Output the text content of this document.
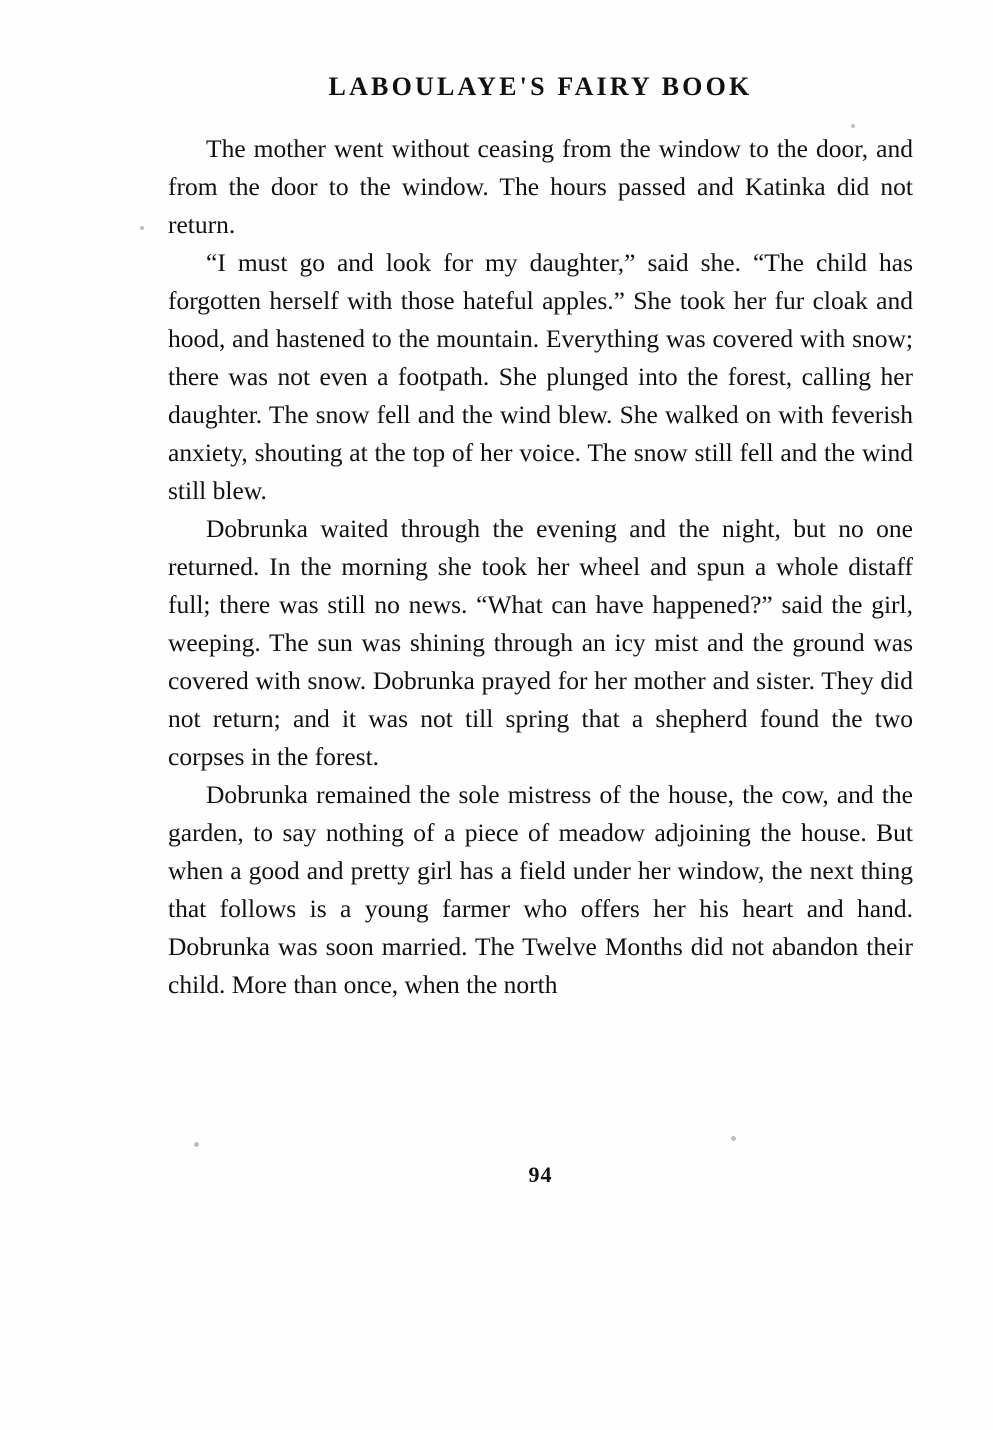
LABOULAYE'S FAIRY BOOK

The mother went without ceasing from the window to the door, and from the door to the window. The hours passed and Katinka did not return.

“I must go and look for my daughter,” said she. “The child has forgotten herself with those hateful apples.” She took her fur cloak and hood, and hastened to the mountain. Everything was covered with snow; there was not even a footpath. She plunged into the forest, calling her daughter. The snow fell and the wind blew. She walked on with feverish anxiety, shouting at the top of her voice. The snow still fell and the wind still blew.

Dobrunka waited through the evening and the night, but no one returned. In the morning she took her wheel and spun a whole distaff full; there was still no news. “What can have happened?” said the girl, weeping. The sun was shining through an icy mist and the ground was covered with snow. Dobrunka prayed for her mother and sister. They did not return; and it was not till spring that a shepherd found the two corpses in the forest.

Dobrunka remained the sole mistress of the house, the cow, and the garden, to say nothing of a piece of meadow adjoining the house. But when a good and pretty girl has a field under her window, the next thing that follows is a young farmer who offers her his heart and hand. Dobrunka was soon married. The Twelve Months did not abandon their child. More than once, when the north

94
